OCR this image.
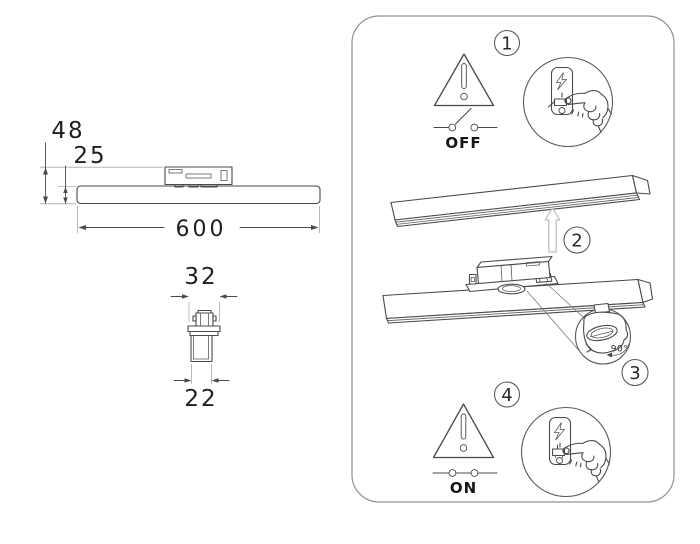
48
25
600
32
22
1
OFF
2
90°
3
4
ON
